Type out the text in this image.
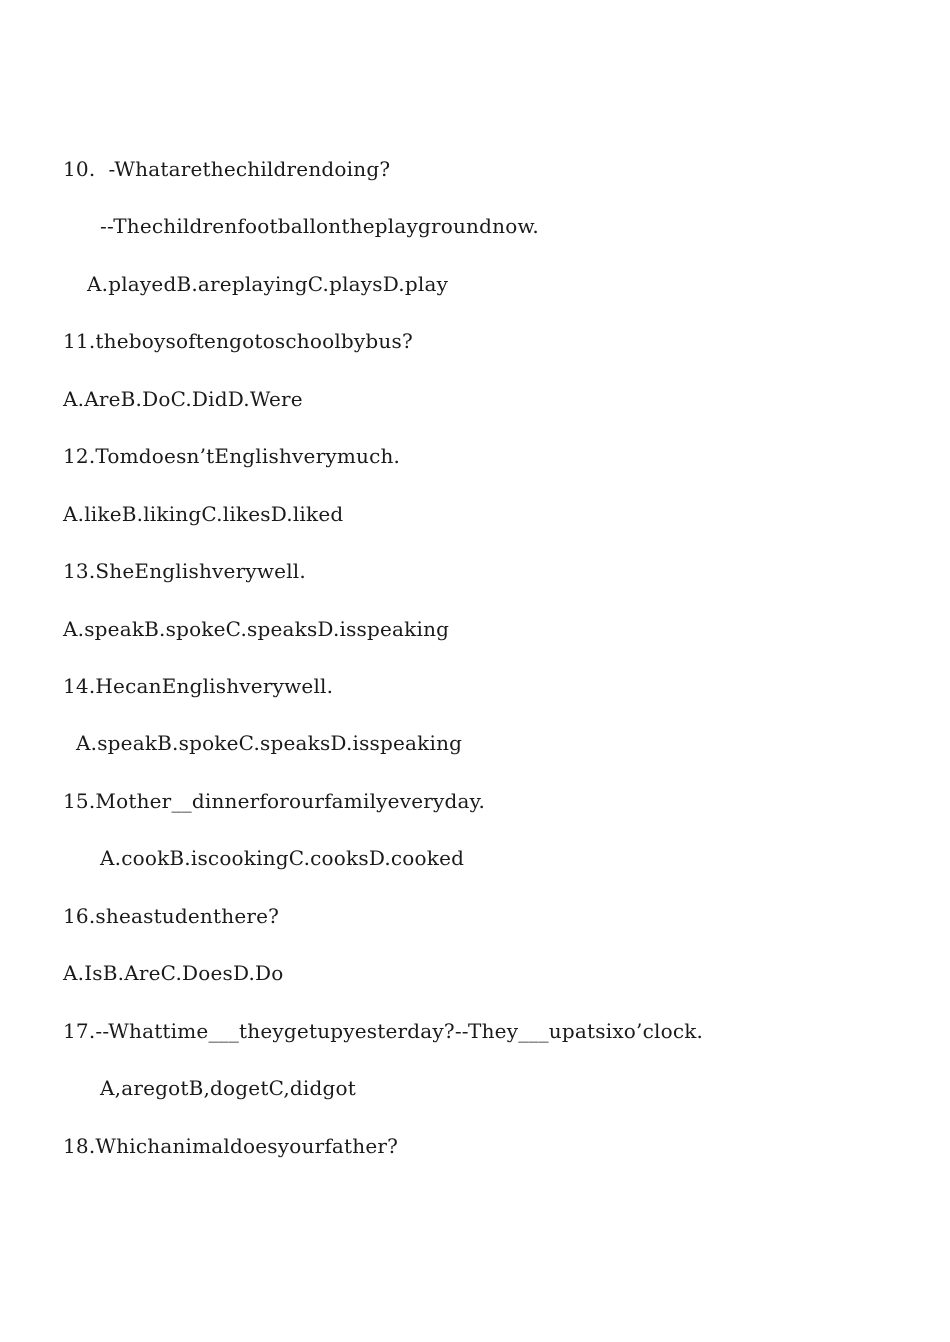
10.  -Whatarethechildrendoing?
--Thechildrenfootballontheplaygroundnow.
A.playedB.areplayingC.playsD.play
11.theboysoftengotoschoolbybus?
A.AreB.DoC.DidD.Were
12.Tomdoesn’tEnglishverymuch.
A.likeB.likingC.likesD.liked
13.SheEnglishverywell.
A.speakB.spokeC.speaksD.isspeaking
14.HecanEnglishverywell.
A.speakB.spokeC.speaksD.isspeaking
15.Mother__dinnerforourfamilyeveryday.
A.cookB.iscookingC.cooksD.cooked
16.sheastudenthere?
A.IsB.AreC.DoesD.Do
17.--Whattime___theygetupyesterday?--They___upatsixo’clock.
A,aregotB,dogetC,didgot
18.Whichanimaldoesyourfather?
